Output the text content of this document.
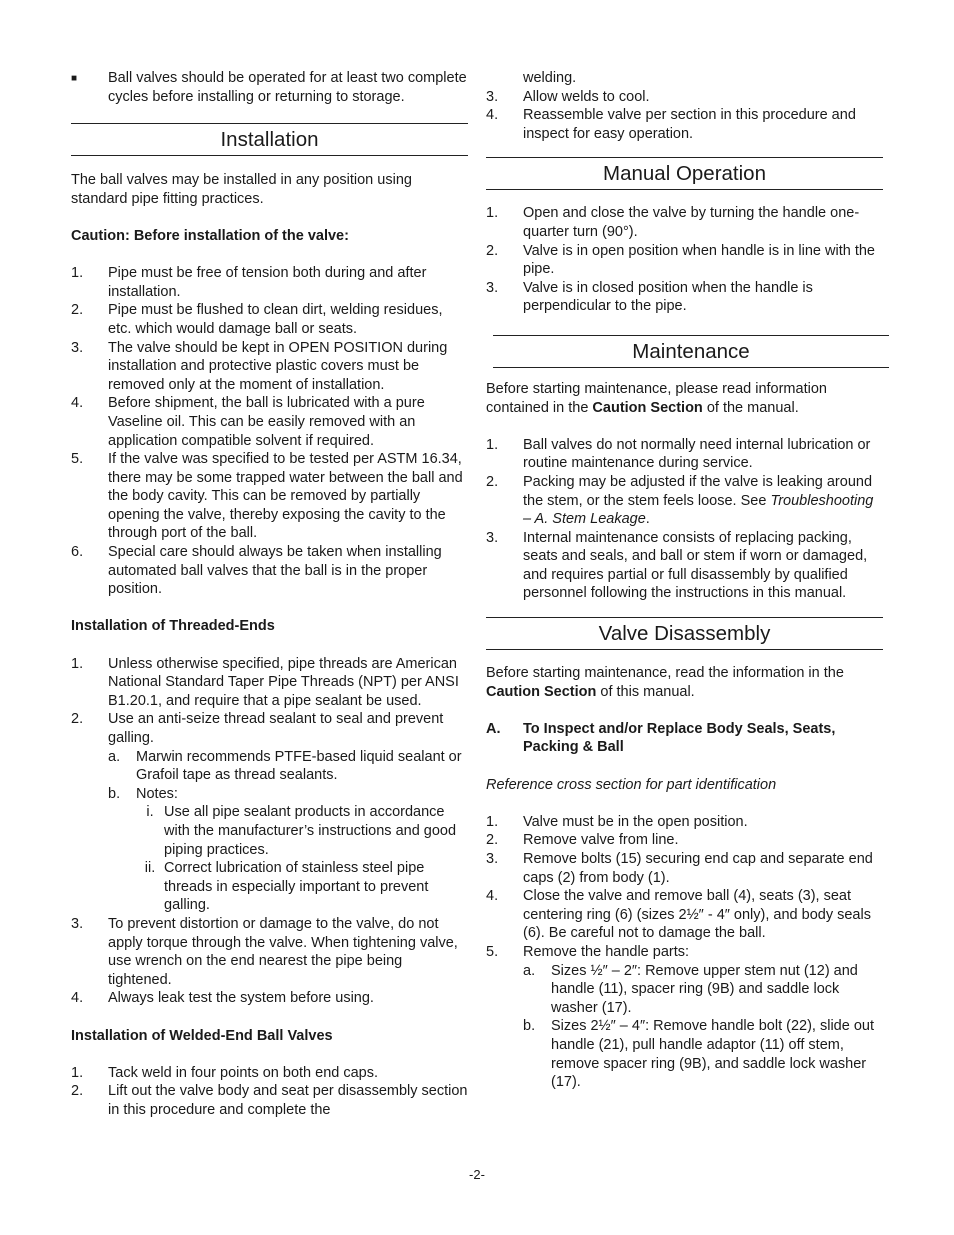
■	Ball valves should be operated for at least two complete cycles before installing or returning to storage.
Installation

The ball valves may be installed in any position using standard pipe fitting practices.

Caution: Before installation of the valve:

1.	Pipe must be free of tension both during and after installation.
2.	Pipe must be flushed to clean dirt, welding residues, etc. which would damage ball or seats.
3.	The valve should be kept in OPEN POSITION during installation and protective plastic covers must be removed only at the moment of installation.
4.	Before shipment, the ball is lubricated with a pure Vaseline oil. This can be easily removed with an application compatible solvent if required.
5.	If the valve was specified to be tested per ASTM 16.34, there may be some trapped water between the ball and the body cavity. This can be removed by partially opening the valve, thereby exposing the cavity to the through port of the ball.
6.	Special care should always be taken when installing automated ball valves that the ball is in the proper position.

Installation of Threaded-Ends

1.	Unless otherwise specified, pipe threads are American National Standard Taper Pipe Threads (NPT) per ANSI B1.20.1, and require that a pipe sealant be used.
2.	Use an anti-seize thread sealant to seal and prevent galling.
a.	Marwin recommends PTFE-based liquid sealant or Grafoil tape as thread sealants.
b.	Notes:
i. Use all pipe sealant products in accordance with the manufacturer’s instructions and good piping practices.
ii. Correct lubrication of stainless steel pipe threads in especially important to prevent galling.
3.	To prevent distortion or damage to the valve, do not apply torque through the valve. When tightening valve, use wrench on the end nearest the pipe being tightened.
4.	Always leak test the system before using.

Installation of Welded-End Ball Valves

1.	Tack weld in four points on both end caps.
2.	Lift out the valve body and seat per disassembly section in this procedure and complete the
welding.
3.	Allow welds to cool.
4.	Reassemble valve per section in this procedure and inspect for easy operation.
Manual Operation
1.	Open and close the valve by turning the handle one-quarter turn (90°).
2.	Valve is in open position when handle is in line with the pipe.
3.	Valve is in closed position when the handle is perpendicular to the pipe.
Maintenance

Before starting maintenance, please read information contained in the Caution Section of the manual.

1.	Ball valves do not normally need internal lubrication or routine maintenance during service.
2.	Packing may be adjusted if the valve is leaking around the stem, or the stem feels loose. See Troubleshooting – A. Stem Leakage.
3.	Internal maintenance consists of replacing packing, seats and seals, and ball or stem if worn or damaged, and requires partial or full disassembly by qualified personnel following the instructions in this manual.
Valve Disassembly

Before starting maintenance, read the information in the Caution Section of this manual.

A.	To Inspect and/or Replace Body Seals, Seats, Packing & Ball

Reference cross section for part identification

1.	Valve must be in the open position.
2.	Remove valve from line.
3.	Remove bolts (15) securing end cap and separate end caps (2) from body (1).
4.	Close the valve and remove ball (4), seats (3), seat centering ring (6) (sizes 2½″ - 4″ only), and body seals (6). Be careful not to damage the ball.
5.	Remove the handle parts:
a.	Sizes ½″ – 2″: Remove upper stem nut (12) and handle (11), spacer ring (9B) and saddle lock washer (17).
b.	Sizes 2½″ – 4″: Remove handle bolt (22), slide out handle (21), pull handle adaptor (11) off stem, remove spacer ring (9B), and saddle lock washer (17).
-2-
